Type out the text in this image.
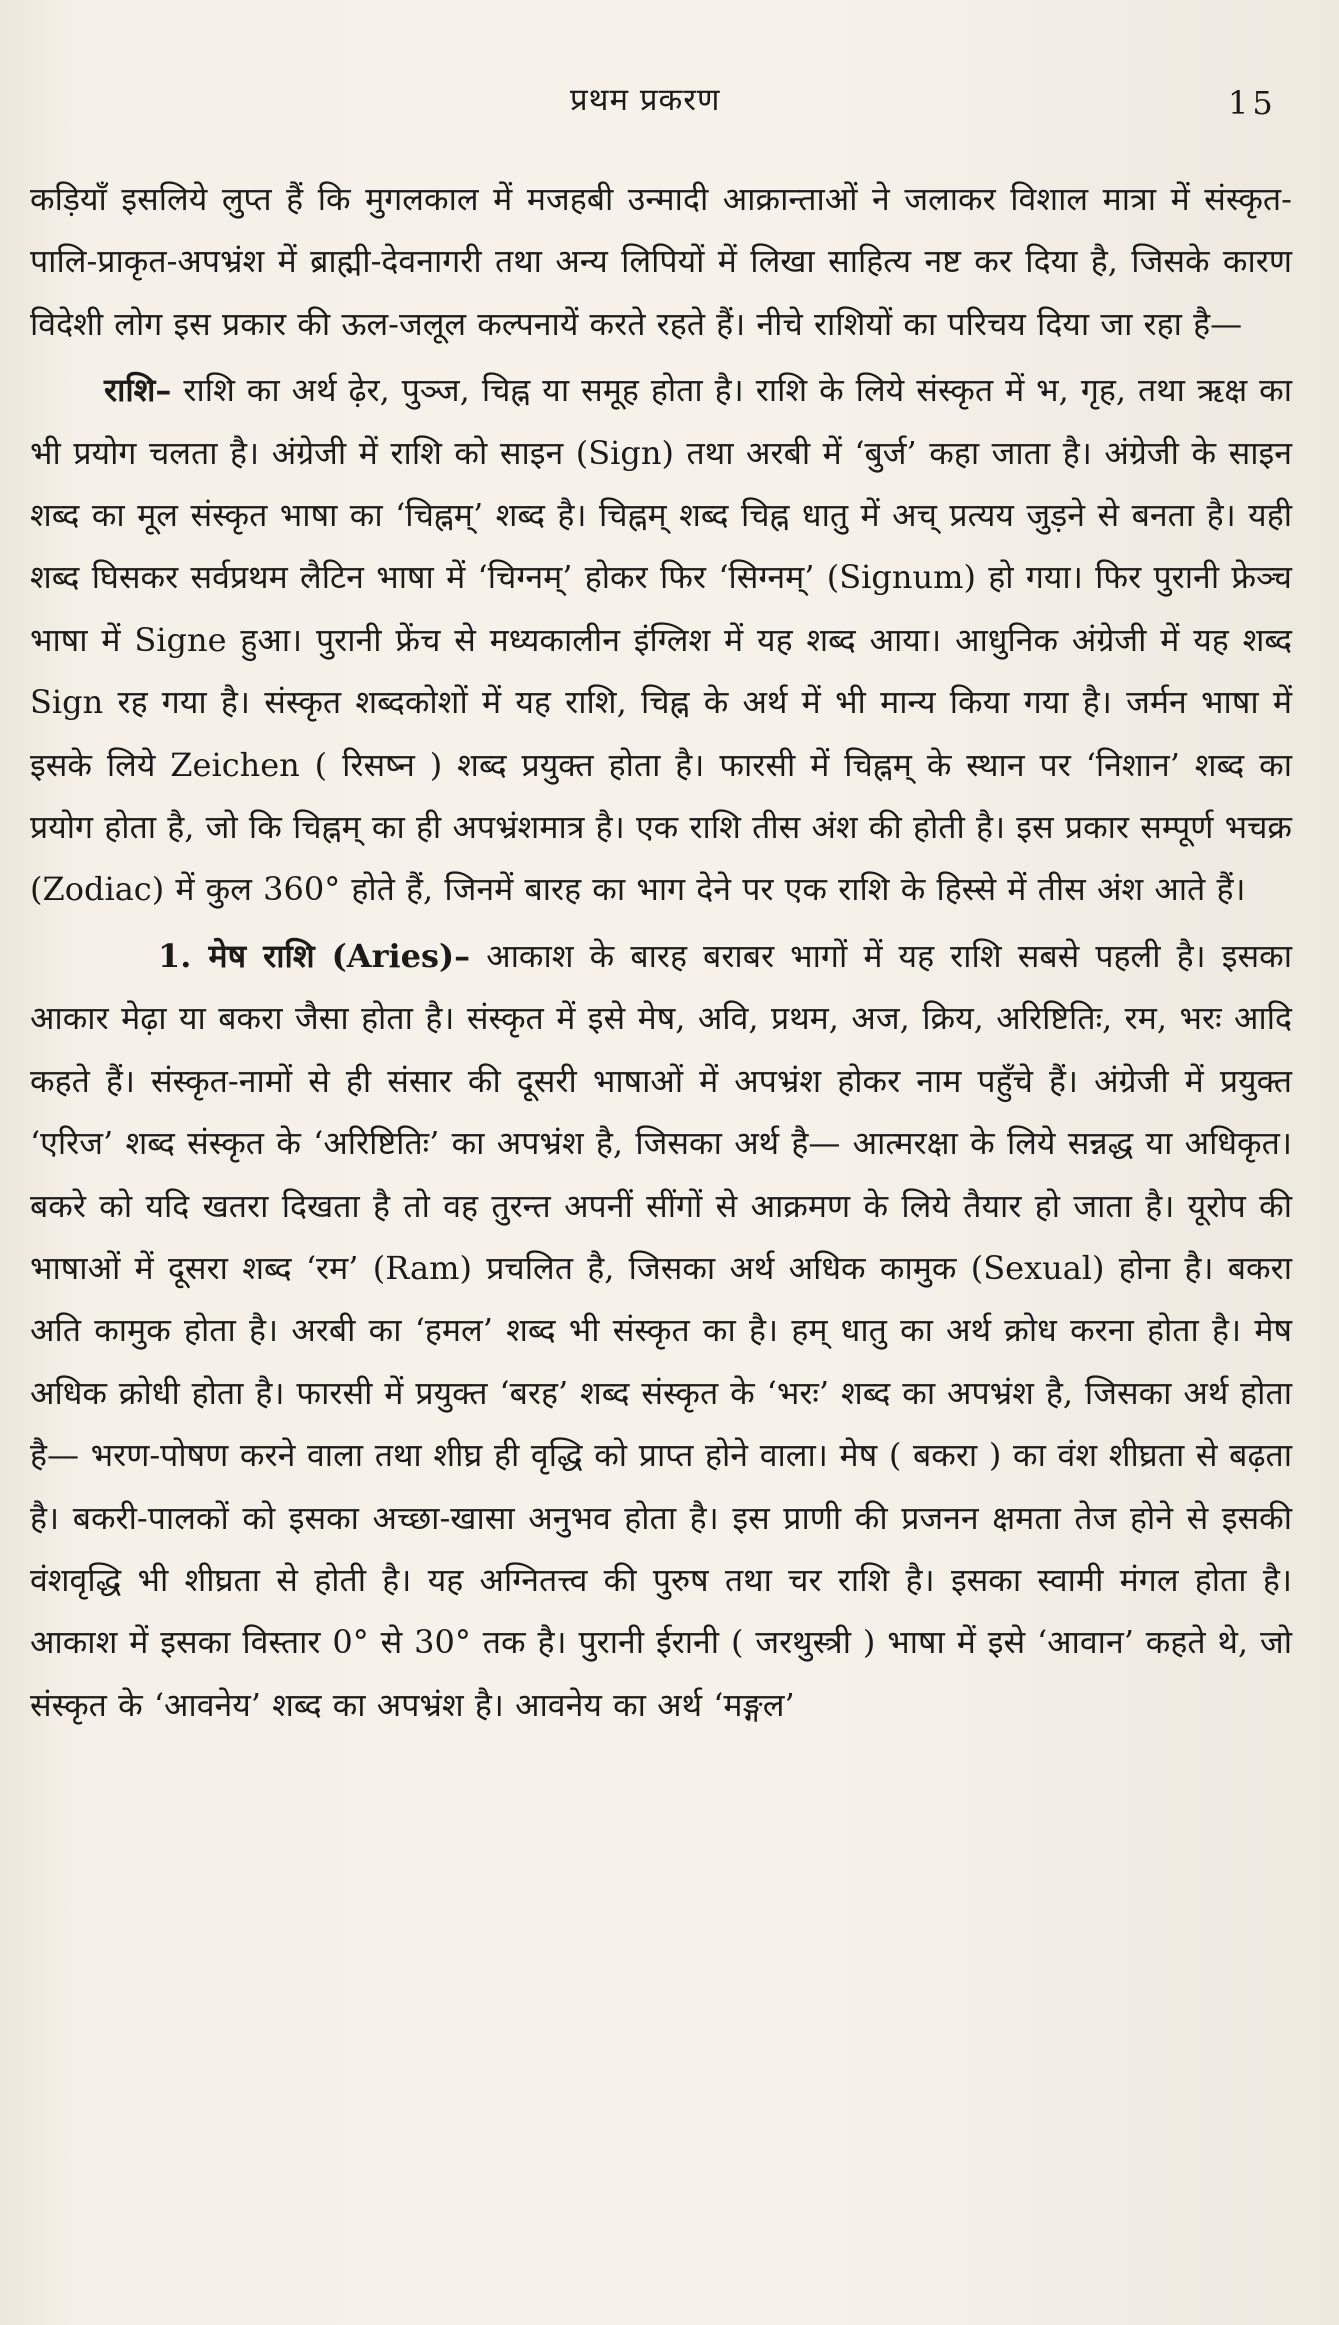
प्रथम प्रकरण	15

कड़ियाँ इसलिये लुप्त हैं कि मुगलकाल में मजहबी उन्मादी आक्रान्ताओं ने जलाकर विशाल मात्रा में संस्कृत-पालि-प्राकृत-अपभ्रंश में ब्राह्मी-देवनागरी तथा अन्य लिपियों में लिखा साहित्य नष्ट कर दिया है, जिसके कारण विदेशी लोग इस प्रकार की ऊल-जलूल कल्पनायें करते रहते हैं। नीचे राशियों का परिचय दिया जा रहा है—

राशि– राशि का अर्थ ढ़ेर, पुञ्ज, चिह्न या समूह होता है। राशि के लिये संस्कृत में भ, गृह, तथा ऋक्ष का भी प्रयोग चलता है। अंग्रेजी में राशि को साइन (Sign) तथा अरबी में ‘बुर्ज’ कहा जाता है। अंग्रेजी के साइन शब्द का मूल संस्कृत भाषा का ‘चिह्नम्’ शब्द है। चिह्नम् शब्द चिह्न धातु में अच् प्रत्यय जुड़ने से बनता है। यही शब्द घिसकर सर्वप्रथम लैटिन भाषा में ‘चिग्नम्’ होकर फिर ‘सिग्नम्’ (Signum) हो गया। फिर पुरानी फ्रेञ्च भाषा में Signe हुआ। पुरानी फ्रेंच से मध्यकालीन इंग्लिश में यह शब्द आया। आधुनिक अंग्रेजी में यह शब्द Sign रह गया है। संस्कृत शब्दकोशों में यह राशि, चिह्न के अर्थ में भी मान्य किया गया है। जर्मन भाषा में इसके लिये Zeichen ( रिसष्न ) शब्द प्रयुक्त होता है। फारसी में चिह्नम् के स्थान पर ‘निशान’ शब्द का प्रयोग होता है, जो कि चिह्नम् का ही अपभ्रंशमात्र है। एक राशि तीस अंश की होती है। इस प्रकार सम्पूर्ण भचक्र (Zodiac) में कुल 360° होते हैं, जिनमें बारह का भाग देने पर एक राशि के हिस्से में तीस अंश आते हैं।

1. मेष राशि (Aries)– आकाश के बारह बराबर भागों में यह राशि सबसे पहली है। इसका आकार मेढ़ा या बकरा जैसा होता है। संस्कृत में इसे मेष, अवि, प्रथम, अज, क्रिय, अरिष्टितिः, रम, भरः आदि कहते हैं। संस्कृत-नामों से ही संसार की दूसरी भाषाओं में अपभ्रंश होकर नाम पहुँचे हैं। अंग्रेजी में प्रयुक्त ‘एरिज’ शब्द संस्कृत के ‘अरिष्टितिः’ का अपभ्रंश है, जिसका अर्थ है— आत्मरक्षा के लिये सन्नद्ध या अधिकृत। बकरे को यदि खतरा दिखता है तो वह तुरन्त अपनीं सींगों से आक्रमण के लिये तैयार हो जाता है। यूरोप की भाषाओं में दूसरा शब्द ‘रम’ (Ram) प्रचलित है, जिसका अर्थ अधिक कामुक (Sexual) होना है। बकरा अति कामुक होता है। अरबी का ‘हमल’ शब्द भी संस्कृत का है। हम् धातु का अर्थ क्रोध करना होता है। मेष अधिक क्रोधी होता है। फारसी में प्रयुक्त ‘बरह’ शब्द संस्कृत के ‘भरः’ शब्द का अपभ्रंश है, जिसका अर्थ होता है— भरण-पोषण करने वाला तथा शीघ्र ही वृद्धि को प्राप्त होने वाला। मेष ( बकरा ) का वंश शीघ्रता से बढ़ता है। बकरी-पालकों को इसका अच्छा-खासा अनुभव होता है। इस प्राणी की प्रजनन क्षमता तेज होने से इसकी वंशवृद्धि भी शीघ्रता से होती है। यह अग्नितत्त्व की पुरुष तथा चर राशि है। इसका स्वामी मंगल होता है। आकाश में इसका विस्तार 0° से 30° तक है। पुरानी ईरानी ( जरथुस्त्री ) भाषा में इसे ‘आवान’ कहते थे, जो संस्कृत के ‘आवनेय’ शब्द का अपभ्रंश है। आवनेय का अर्थ ‘मङ्गल’
